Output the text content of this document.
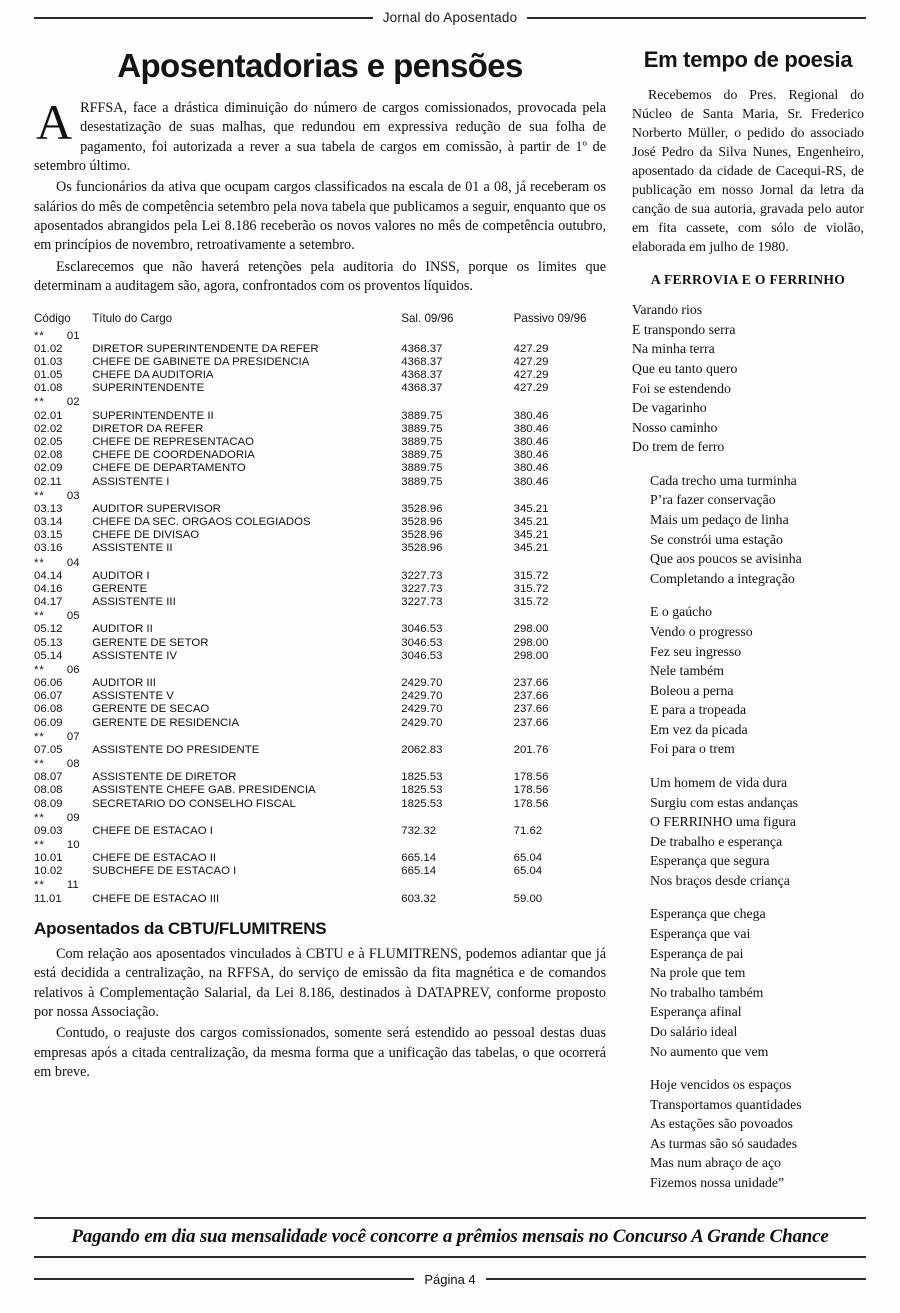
Jornal do Aposentado
Aposentadorias e pensões
ARFFSA, face a drástica diminuição do número de cargos comissionados, provocada pela desestatização de suas malhas, que redundou em expressiva redução de sua folha de pagamento, foi autorizada a rever a sua tabela de cargos em comissão, à partir de 1º de setembro último.

Os funcionários da ativa que ocupam cargos classificados na escala de 01 a 08, já receberam os salários do mês de competência setembro pela nova tabela que publicamos a seguir, enquanto que os aposentados abrangidos pela Lei 8.186 receberão os novos valores no mês de competência outubro, em princípios de novembro, retroativamente a setembro.

Esclarecemos que não haverá retenções pela auditoria do INSS, porque os limites que determinam a auditagem são, agora, confrontados com os proventos líquidos.

Código	Título do Cargo	Sal. 09/96	Passivo 09/96
** 01			
01.02	DIRETOR SUPERINTENDENTE DA REFER	4368.37	427.29
01.03	CHEFE DE GABINETE DA PRESIDENCIA	4368.37	427.29
01.05	CHEFE DA AUDITORIA	4368.37	427.29
01.08	SUPERINTENDENTE	4368.37	427.29
** 02			
02.01	SUPERINTENDENTE II	3889.75	380.46
02.02	DIRETOR DA REFER	3889.75	380.46
02.05	CHEFE DE REPRESENTACAO	3889.75	380.46
02.08	CHEFE DE COORDENADORIA	3889.75	380.46
02.09	CHEFE DE DEPARTAMENTO	3889.75	380.46
02.11	ASSISTENTE I	3889.75	380.46
** 03			
03.13	AUDITOR SUPERVISOR	3528.96	345.21
03.14	CHEFE DA SEC. ORGAOS COLEGIADOS	3528.96	345.21
03.15	CHEFE DE DIVISAO	3528.96	345.21
03.16	ASSISTENTE II	3528.96	345.21
** 04			
04.14	AUDITOR I	3227.73	315.72
04.16	GERENTE	3227.73	315.72
04.17	ASSISTENTE III	3227.73	315.72
** 05			
05.12	AUDITOR II	3046.53	298.00
05.13	GERENTE DE SETOR	3046.53	298.00
05.14	ASSISTENTE IV	3046.53	298.00
** 06			
06.06	AUDITOR III	2429.70	237.66
06.07	ASSISTENTE V	2429.70	237.66
06.08	GERENTE DE SECAO	2429.70	237.66
06.09	GERENTE DE RESIDENCIA	2429.70	237.66
** 07			
07.05	ASSISTENTE DO PRESIDENTE	2062.83	201.76
** 08			
08.07	ASSISTENTE DE DIRETOR	1825.53	178.56
08.08	ASSISTENTE CHEFE GAB. PRESIDENCIA	1825.53	178.56
08.09	SECRETARIO DO CONSELHO FISCAL	1825.53	178.56
** 09			
09.03	CHEFE DE ESTACAO I	732.32	71.62
** 10			
10.01	CHEFE DE ESTACAO II	665.14	65.04
10.02	SUBCHEFE DE ESTACAO I	665.14	65.04
** 11			
11.01	CHEFE DE ESTACAO III	603.32	59.00
Aposentados da CBTU/FLUMITRENS

Com relação aos aposentados vinculados à CBTU e à FLUMITRENS, podemos adiantar que já está decidida a centralização, na RFFSA, do serviço de emissão da fita magnética e de comandos relativos à Complementação Salarial, da Lei 8.186, destinados à DATAPREV, conforme proposto por nossa Associação.

Contudo, o reajuste dos cargos comissionados, somente será estendido ao pessoal destas duas empresas após a citada centralização, da mesma forma que a unificação das tabelas, o que ocorrerá em breve.

Em tempo de poesia

Recebemos do Pres. Regional do Núcleo de Santa Maria, Sr. Frederico Norberto Müller, o pedido do associado José Pedro da Silva Nunes, Engenheiro, aposentado da cidade de Cacequi-RS, de publicação em nosso Jornal da letra da canção de sua autoria, gravada pelo autor em fita cassete, com sólo de violão, elaborada em julho de 1980.

A FERROVIA E O FERRINHO
Varando rios
E transpondo serra
Na minha terra
Que eu tanto quero
Foi se estendendo
De vagarinho
Nosso caminho
Do trem de ferro
Cada trecho uma turminha
P’ra fazer conservação
Mais um pedaço de linha
Se constrói uma estação
Que aos poucos se avisinha
Completando a integração
E o gaúcho
Vendo o progresso
Fez seu ingresso
Nele também
Boleou a perna
E para a tropeada
Em vez da picada
Foi para o trem
Um homem de vida dura
Surgiu com estas andanças
O FERRINHO uma figura
De trabalho e esperança
Esperança que segura
Nos braços desde criança
Esperança que chega
Esperança que vai
Esperança de pai
Na prole que tem
No trabalho também
Esperança afinal
Do salário ideal
No aumento que vem
Hoje vencidos os espaços
Transportamos quantidades
As estações são povoados
As turmas são só saudades
Mas num abraço de aço
Fizemos nossa unidade”
Pagando em dia sua mensalidade você concorre a prêmios mensais no Concurso A Grande Chance
Página 4
